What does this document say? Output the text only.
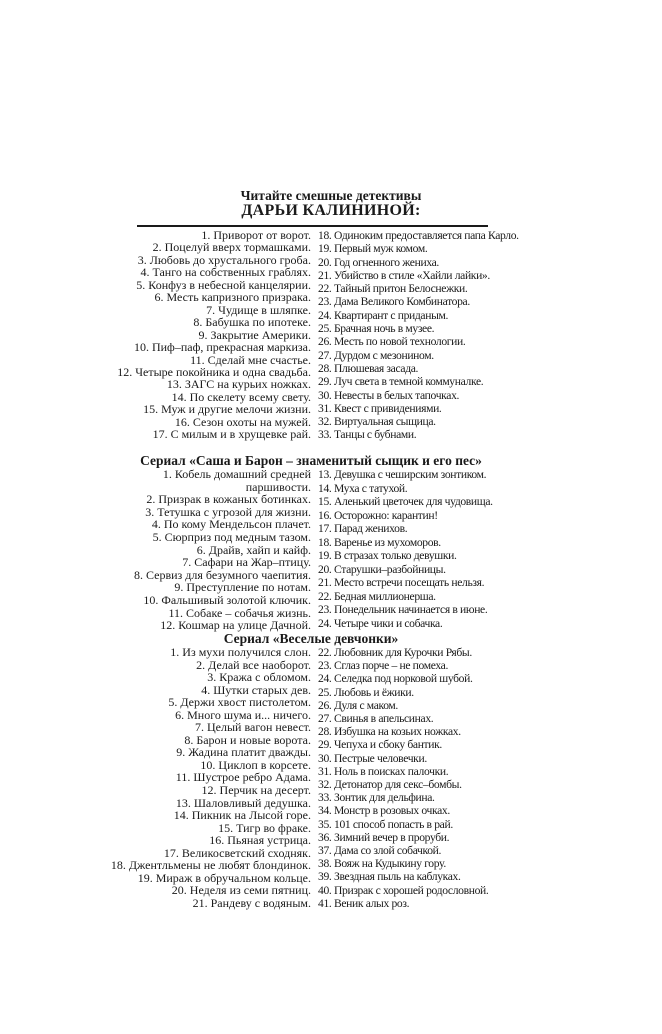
Читайте смешные детективы
ДАРЬИ КАЛИНИНОЙ:
1. Приворот от ворот.
2. Поцелуй вверх тормашками.
3. Любовь до хрустального гроба.
4. Танго на собственных граблях.
5. Конфуз в небесной канцелярии.
6. Месть капризного призрака.
7. Чудище в шляпке.
8. Бабушка по ипотеке.
9. Закрытие Америки.
10. Пиф–паф, прекрасная маркиза.
11. Сделай мне счастье.
12. Четыре покойника и одна свадьба.
13. ЗАГС на курьих ножках.
14. По скелету всему свету.
15. Муж и другие мелочи жизни.
16. Сезон охоты на мужей.
17. С милым и в хрущевке рай.
18. Одиноким предоставляется папа Карло.
19. Первый муж комом.
20. Год огненного жениха.
21. Убийство в стиле «Хайли лайки».
22. Тайный притон Белоснежки.
23. Дама Великого Комбинатора.
24. Квартирант с приданым.
25. Брачная ночь в музее.
26. Месть по новой технологии.
27. Дурдом с мезонином.
28. Плюшевая засада.
29. Луч света в темной коммуналке.
30. Невесты в белых тапочках.
31. Квест с привидениями.
32. Виртуальная сыщица.
33. Танцы с бубнами.
Сериал «Саша и Барон – знаменитый сыщик и его пес»
1. Кобель домашний средней паршивости.
2. Призрак в кожаных ботинках.
3. Тетушка с угрозой для жизни.
4. По кому Мендельсон плачет.
5. Сюрприз под медным тазом.
6. Драйв, хайп и кайф.
7. Сафари на Жар–птицу.
8. Сервиз для безумного чаепития.
9. Преступление по нотам.
10. Фальшивый золотой ключик.
11. Собаке – собачья жизнь.
12. Кошмар на улице Дачной.
13. Девушка с чеширским зонтиком.
14. Муха с татухой.
15. Аленький цветочек для чудовища.
16. Осторожно: карантин!
17. Парад женихов.
18. Варенье из мухоморов.
19. В стразах только девушки.
20. Старушки–разбойницы.
21. Место встречи посещать нельзя.
22. Бедная миллионерша.
23. Понедельник начинается в июне.
24. Четыре чики и собачка.
Сериал «Веселые девчонки»
1. Из мухи получился слон.
2. Делай все наоборот.
3. Кража с обломом.
4. Шутки старых дев.
5. Держи хвост пистолетом.
6. Много шума и... ничего.
7. Целый вагон невест.
8. Барон и новые ворота.
9. Жадина платит дважды.
10. Циклоп в корсете.
11. Шустрое ребро Адама.
12. Перчик на десерт.
13. Шаловливый дедушка.
14. Пикник на Лысой горе.
15. Тигр во фраке.
16. Пьяная устрица.
17. Великосветский сходняк.
18. Джентльмены не любят блондинок.
19. Мираж в обручальном кольце.
20. Неделя из семи пятниц.
21. Рандеву с водяным.
22. Любовник для Курочки Рябы.
23. Сглаз порче – не помеха.
24. Селедка под норковой шубой.
25. Любовь и ёжики.
26. Дуля с маком.
27. Свинья в апельсинах.
28. Избушка на козьих ножках.
29. Чепуха и сбоку бантик.
30. Пестрые человечки.
31. Ноль в поисках палочки.
32. Детонатор для секс–бомбы.
33. Зонтик для дельфина.
34. Монстр в розовых очках.
35. 101 способ попасть в рай.
36. Зимний вечер в проруби.
37. Дама со злой собачкой.
38. Вояж на Кудыкину гору.
39. Звездная пыль на каблуках.
40. Призрак с хорошей родословной.
41. Веник алых роз.
